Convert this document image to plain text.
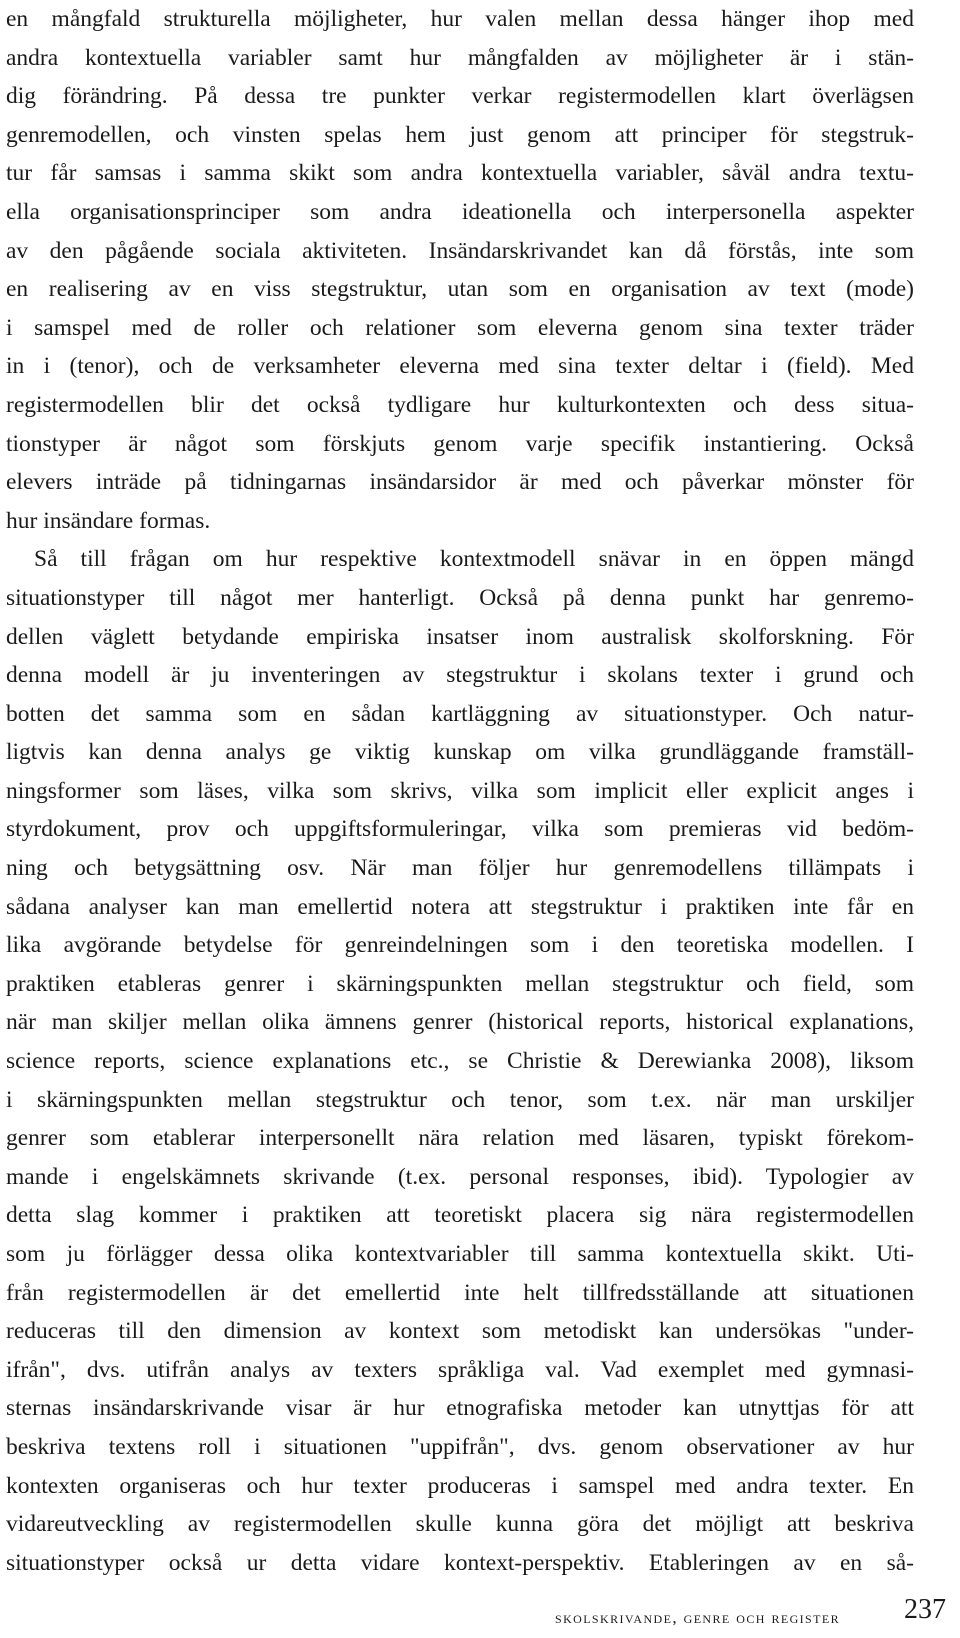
en mångfald strukturella möjligheter, hur valen mellan dessa hänger ihop med
andra kontextuella variabler samt hur mångfalden av möjligheter är i stän-
dig förändring. På dessa tre punkter verkar registermodellen klart överlägsen
genremodellen, och vinsten spelas hem just genom att principer för stegstruk-
tur får samsas i samma skikt som andra kontextuella variabler, såväl andra textu-
ella organisationsprinciper som andra ideationella och interpersonella aspekter
av den pågående sociala aktiviteten. Insändarskrivandet kan då förstås, inte som
en realisering av en viss stegstruktur, utan som en organisation av text (mode)
i samspel med de roller och relationer som eleverna genom sina texter träder
in i (tenor), och de verksamheter eleverna med sina texter deltar i (field). Med
registermodellen blir det också tydligare hur kulturkontexten och dess situa-
tionstyper är något som förskjuts genom varje specifik instantiering. Också
elevers inträde på tidningarnas insändarsidor är med och påverkar mönster för
hur insändare formas.
Så till frågan om hur respektive kontextmodell snävar in en öppen mängd
situationstyper till något mer hanterligt. Också på denna punkt har genremo-
dellen väglett betydande empiriska insatser inom australisk skolforskning. För
denna modell är ju inventeringen av stegstruktur i skolans texter i grund och
botten det samma som en sådan kartläggning av situationstyper. Och natur-
ligtvis kan denna analys ge viktig kunskap om vilka grundläggande framställ-
ningsformer som läses, vilka som skrivs, vilka som implicit eller explicit anges i
styrdokument, prov och uppgiftsformuleringar, vilka som premieras vid bedöm-
ning och betygsättning osv. När man följer hur genremodellens tillämpats i
sådana analyser kan man emellertid notera att stegstruktur i praktiken inte får en
lika avgörande betydelse för genreindelningen som i den teoretiska modellen. I
praktiken etableras genrer i skärningspunkten mellan stegstruktur och field, som
när man skiljer mellan olika ämnens genrer (historical reports, historical explanations,
science reports, science explanations etc., se Christie & Derewianka 2008), liksom
i skärningspunkten mellan stegstruktur och tenor, som t.ex. när man urskiljer
genrer som etablerar interpersonellt nära relation med läsaren, typiskt förekom-
mande i engelskämnets skrivande (t.ex. personal responses, ibid). Typologier av
detta slag kommer i praktiken att teoretiskt placera sig nära registermodellen
som ju förlägger dessa olika kontextvariabler till samma kontextuella skikt. Uti-
från registermodellen är det emellertid inte helt tillfredsställande att situationen
reduceras till den dimension av kontext som metodiskt kan undersökas "under-
ifrån", dvs. utifrån analys av texters språkliga val. Vad exemplet med gymnasi-
sternas insändarskrivande visar är hur etnografiska metoder kan utnyttjas för att
beskriva textens roll i situationen "uppifrån", dvs. genom observationer av hur
kontexten organiseras och hur texter produceras i samspel med andra texter. En
vidareutveckling av registermodellen skulle kunna göra det möjligt att beskriva
situationstyper också ur detta vidare kontext-perspektiv. Etableringen av en så-
skolskrivande, genre och register 237
